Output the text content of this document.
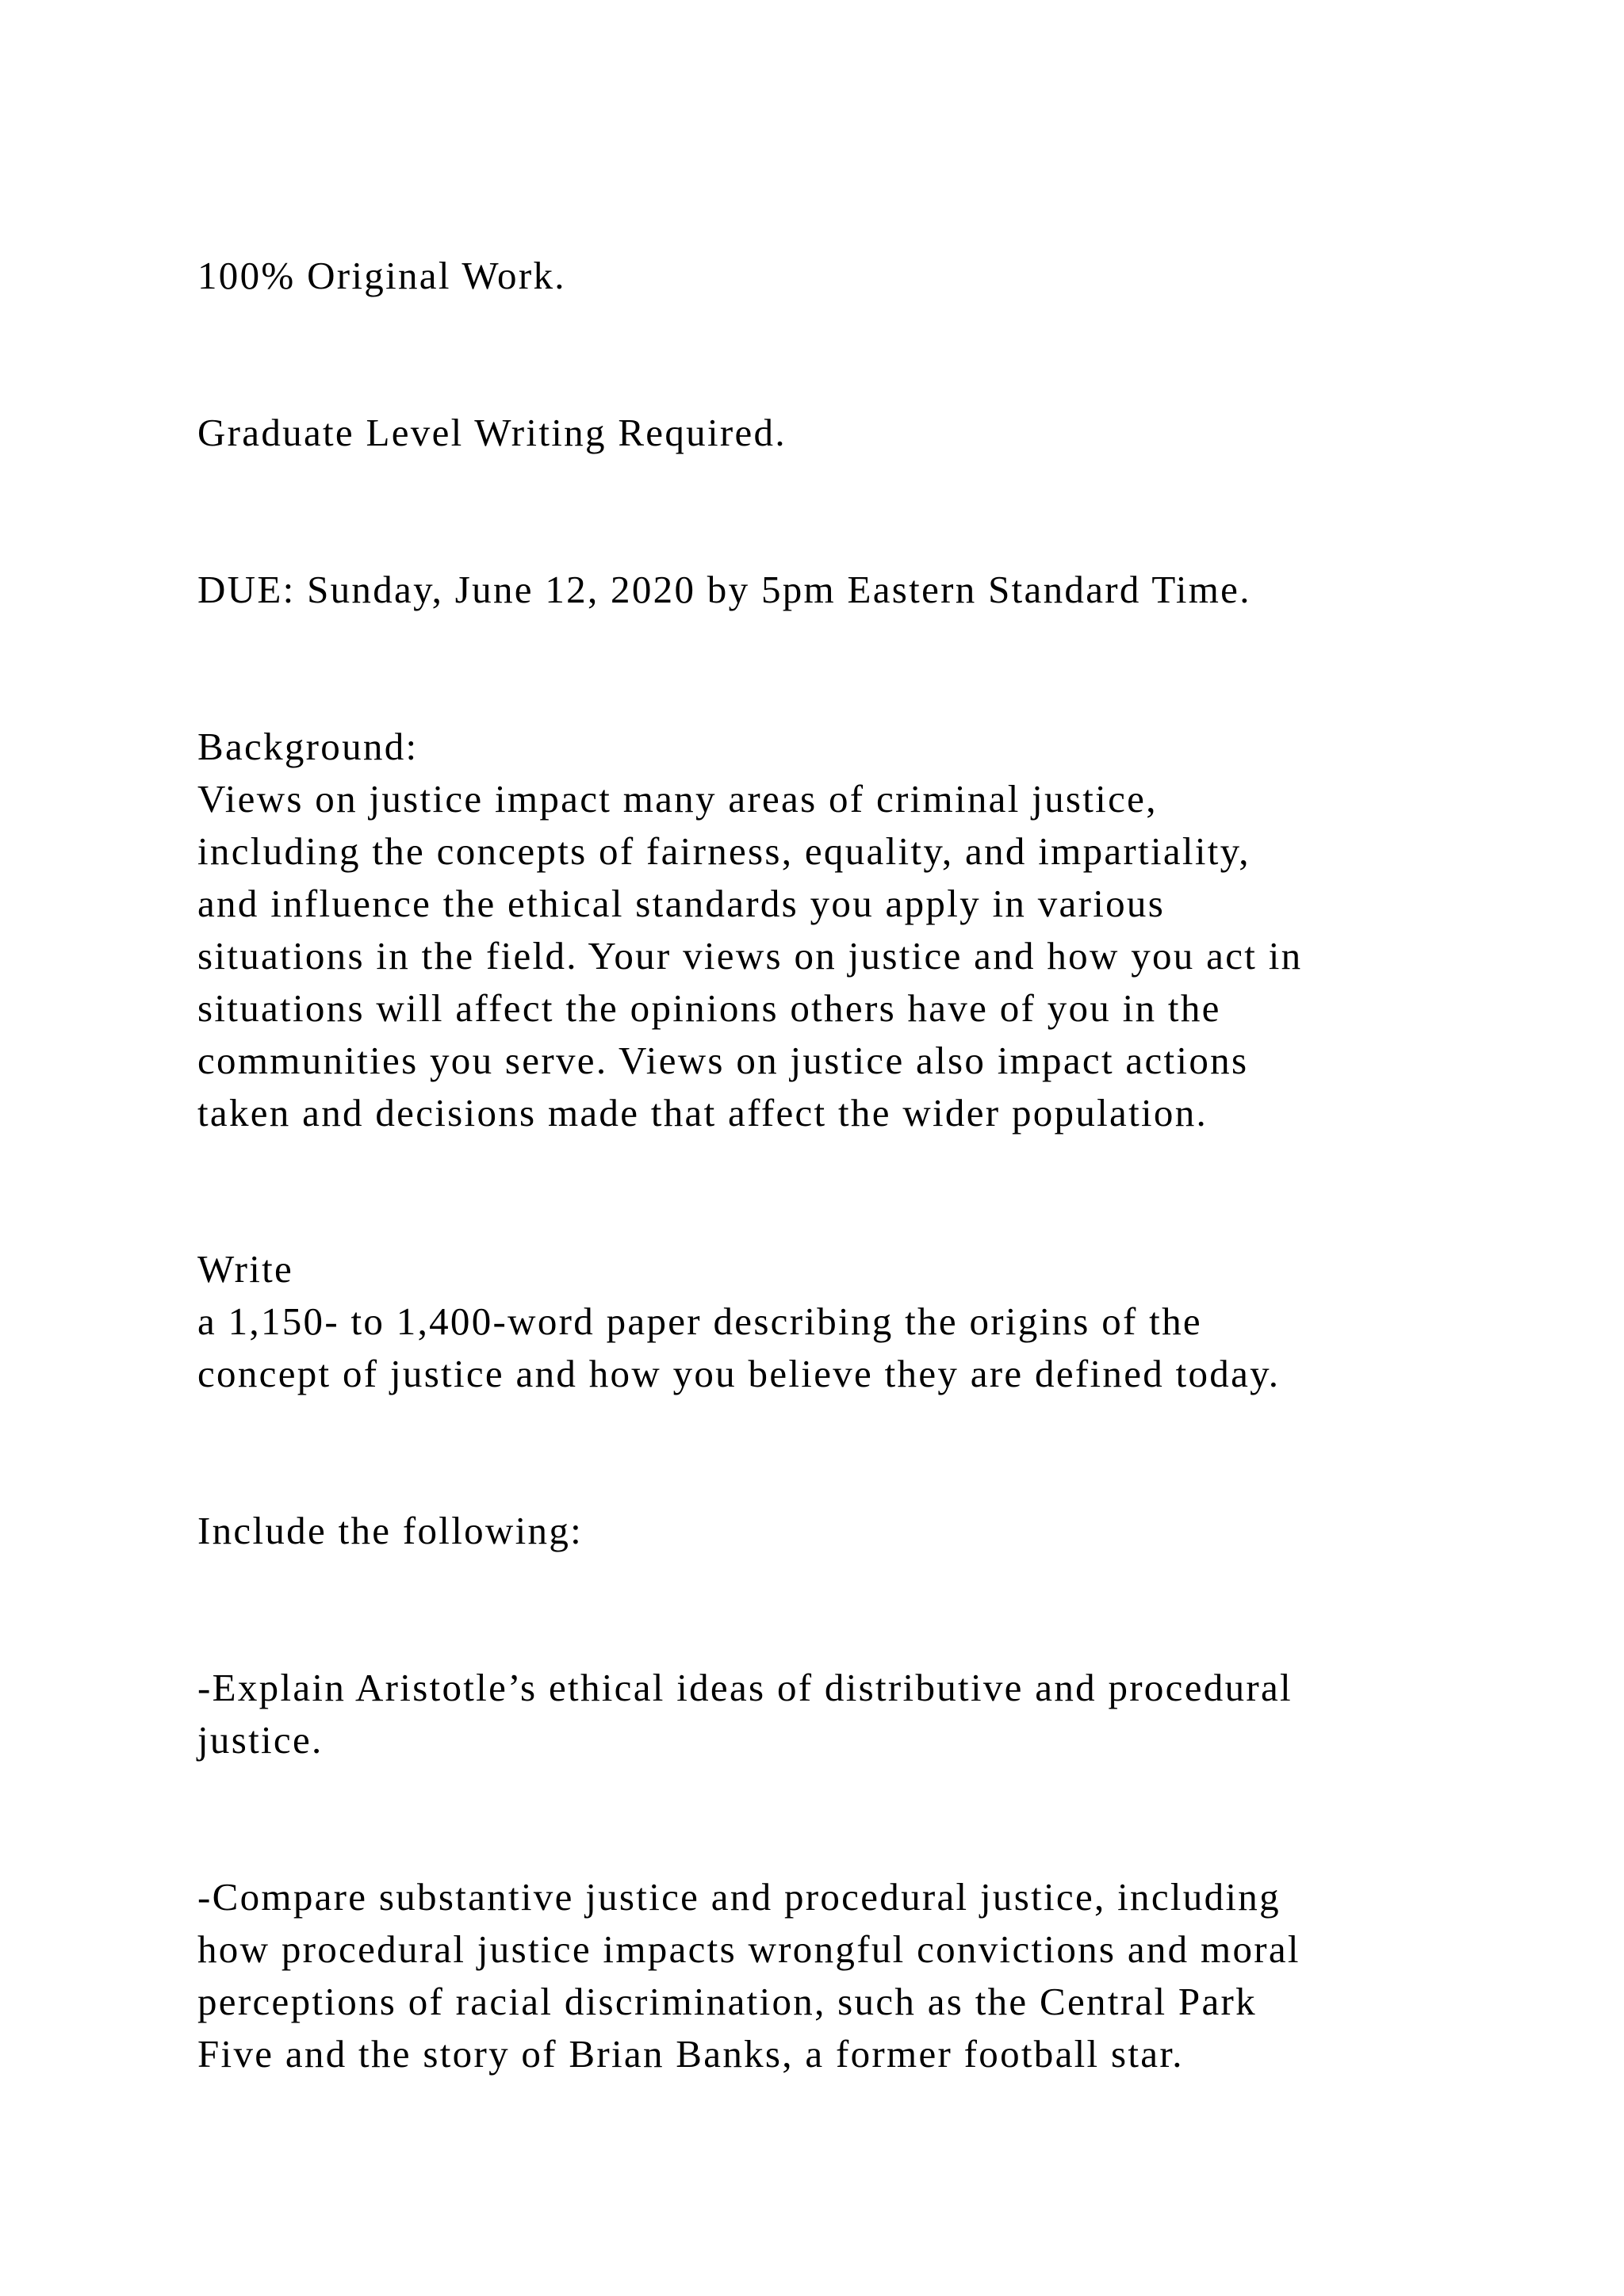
100% Original Work.

Graduate Level Writing Required.

DUE: Sunday, June 12, 2020 by 5pm Eastern Standard Time.

Background:

Views on justice impact many areas of criminal justice,

including the concepts of fairness, equality, and impartiality,

and influence the ethical standards you apply in various

situations in the field. Your views on justice and how you act in

situations will affect the opinions others have of you in the

communities you serve. Views on justice also impact actions

taken and decisions made that affect the wider population.

Write

a 1,150- to 1,400-word paper describing the origins of the

concept of justice and how you believe they are defined today.

Include the following:

-Explain Aristotle’s ethical ideas of distributive and procedural

justice.

-Compare substantive justice and procedural justice, including

how procedural justice impacts wrongful convictions and moral

perceptions of racial discrimination, such as the Central Park

Five and the story of Brian Banks, a former football star.
